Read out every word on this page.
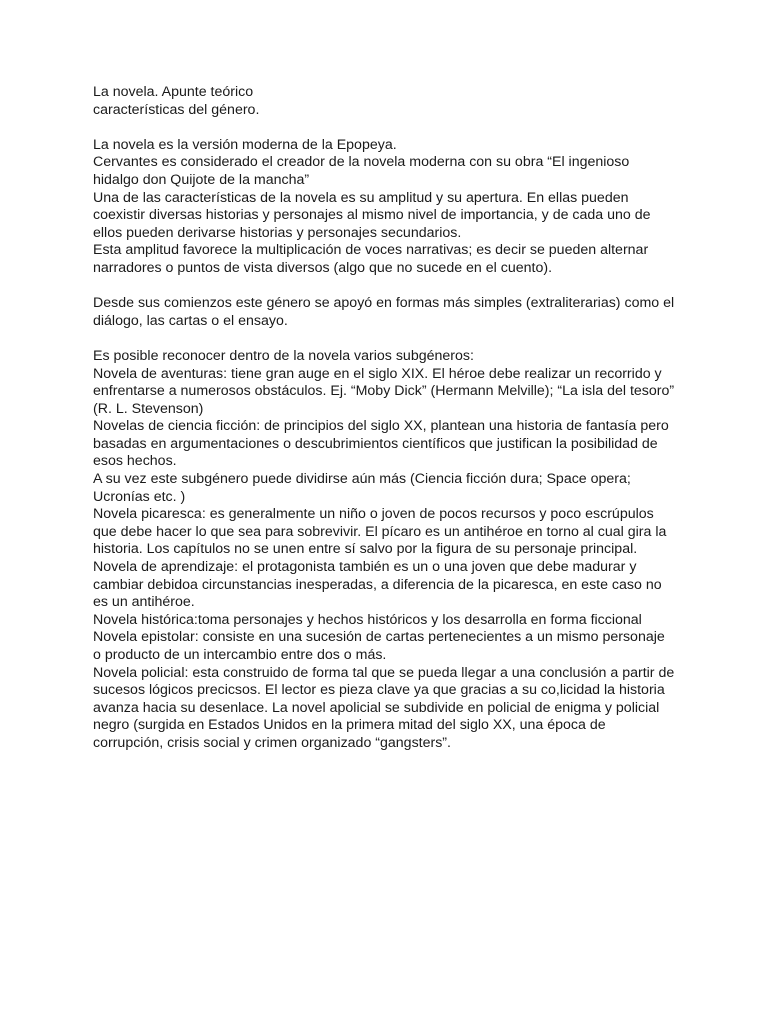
La novela. Apunte teórico
características del género.
La novela es la versión moderna de la Epopeya.
Cervantes es considerado el creador de la novela moderna con su obra “El ingenioso
hidalgo don Quijote de la mancha”
Una de las características de la novela es su amplitud y su apertura. En ellas pueden
coexistir diversas historias y personajes al mismo nivel de importancia, y de cada uno de
ellos pueden derivarse historias y personajes secundarios.
Esta amplitud favorece la multiplicación de voces narrativas; es decir se pueden alternar
narradores o puntos de vista diversos (algo que no sucede en el cuento).
Desde sus comienzos este género se apoyó en formas más simples (extraliterarias) como el
diálogo, las cartas o el ensayo.
Es posible reconocer dentro de la novela varios subgéneros:
Novela de aventuras: tiene gran auge en el siglo XIX. El héroe debe realizar un recorrido y
enfrentarse a numerosos obstáculos. Ej. “Moby Dick” (Hermann Melville); “La isla del tesoro”
(R. L. Stevenson)
Novelas de ciencia ficción: de principios del siglo XX, plantean una historia de fantasía pero
basadas en argumentaciones o descubrimientos científicos que justifican la posibilidad de
esos hechos.
A su vez este subgénero puede dividirse aún más (Ciencia ficción dura; Space opera;
Ucronías etc. )
Novela picaresca: es generalmente un niño o joven de pocos recursos y poco escrúpulos
que debe hacer lo que sea para sobrevivir. El pícaro es un antihéroe en torno al cual gira la
historia. Los capítulos no se unen entre sí salvo por la figura de su personaje principal.
Novela de aprendizaje: el protagonista también es un o una joven que debe madurar y
cambiar debidoa circunstancias inesperadas, a diferencia de la picaresca, en este caso no
es un antihéroe.
Novela histórica:toma personajes y hechos históricos y los desarrolla en forma ficcional
Novela epistolar: consiste en una sucesión de cartas pertenecientes a un mismo personaje
o producto de un intercambio entre dos o más.
Novela policial: esta construido de forma tal que se pueda llegar a una conclusión a partir de
sucesos lógicos precicsos. El lector es pieza clave ya que gracias a su co,licidad la historia
avanza hacia su desenlace. La novel apolicial se subdivide en policial de enigma y policial
negro (surgida en Estados Unidos en la primera mitad del siglo XX, una época de
corrupción, crisis social y crimen organizado “gangsters”.
